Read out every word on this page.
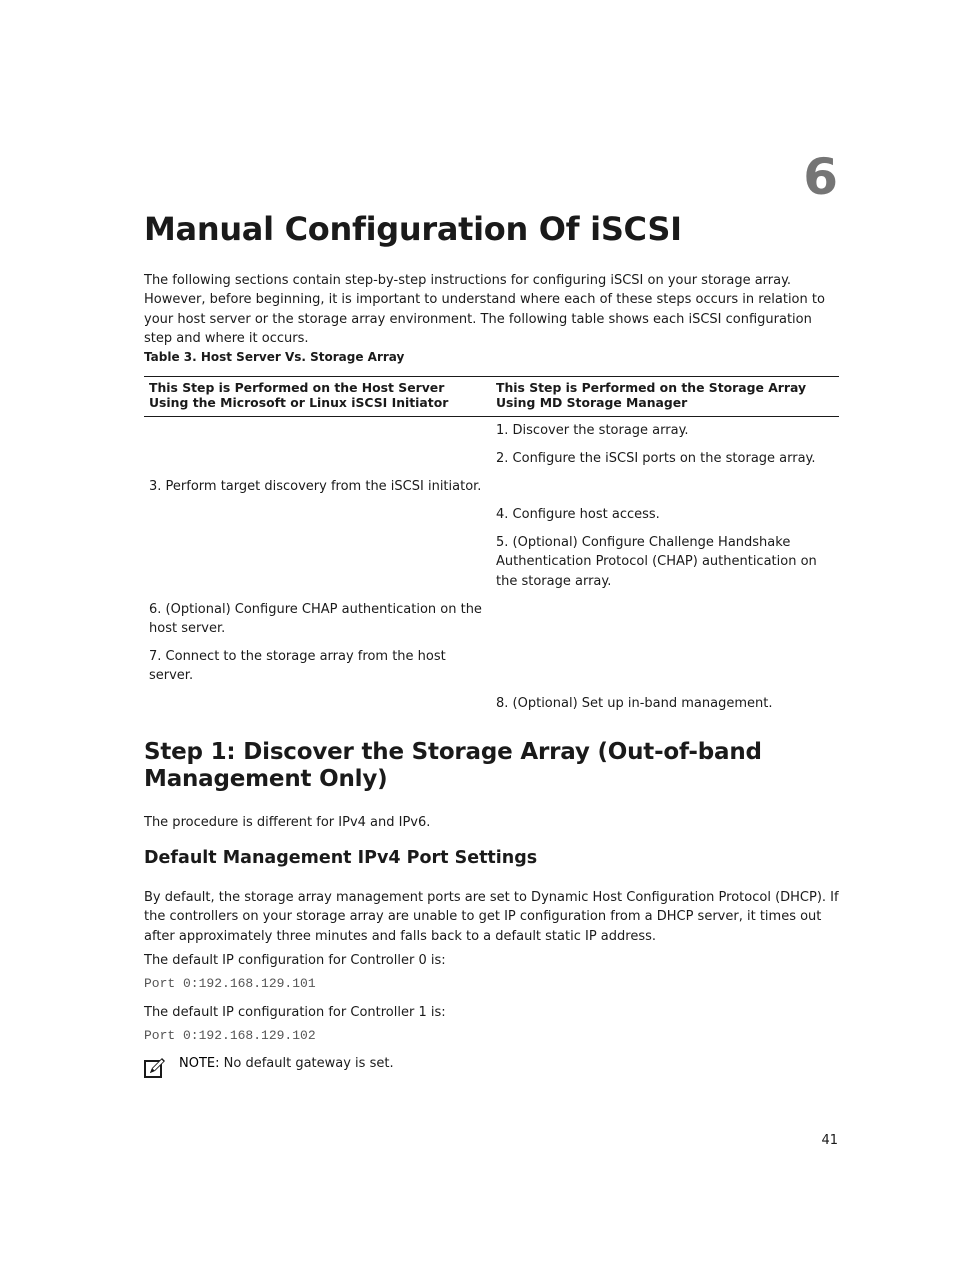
6
Manual Configuration Of iSCSI

The following sections contain step-by-step instructions for configuring iSCSI on your storage array. However, before beginning, it is important to understand where each of these steps occurs in relation to your host server or the storage array environment. The following table shows each iSCSI configuration step and where it occurs.

Table 3. Host Server Vs. Storage Array

This Step is Performed on the Host Server Using the Microsoft or Linux iSCSI Initiator	This Step is Performed on the Storage Array Using MD Storage Manager
	1. Discover the storage array.
	2. Configure the iSCSI ports on the storage array.
3. Perform target discovery from the iSCSI initiator.	
	4. Configure host access.
	5. (Optional) Configure Challenge Handshake Authentication Protocol (CHAP) authentication on the storage array.
6. (Optional) Configure CHAP authentication on the host server.	
7. Connect to the storage array from the host server.	
	8. (Optional) Set up in-band management.
Step 1: Discover the Storage Array (Out-of-band Management Only)

The procedure is different for IPv4 and IPv6.

Default Management IPv4 Port Settings

By default, the storage array management ports are set to Dynamic Host Configuration Protocol (DHCP). If the controllers on your storage array are unable to get IP configuration from a DHCP server, it times out after approximately three minutes and falls back to a default static IP address.

The default IP configuration for Controller 0 is:

Port 0:192.168.129.101

The default IP configuration for Controller 1 is:

Port 0:192.168.129.102

NOTE: No default gateway is set.
41
